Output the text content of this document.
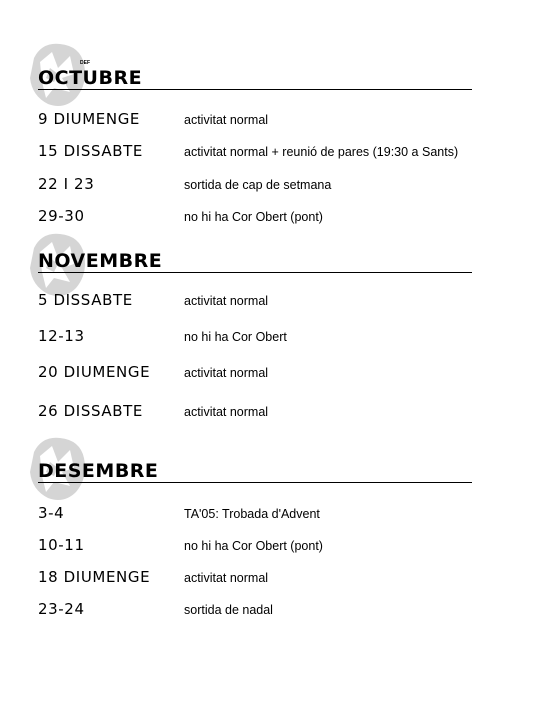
OCTUBRE
DEF
9 DIUMENGE	activitat normal
15 DISSABTE	activitat normal + reunió de pares (19:30 a Sants)
22 I 23	sortida de cap de setmana
29-30	no hi ha Cor Obert (pont)
NOVEMBRE
5 DISSABTE	activitat normal
12-13	no hi ha Cor Obert
20 DIUMENGE	activitat normal
26 DISSABTE	activitat normal
DESEMBRE
3-4	TA'05: Trobada d'Advent
10-11	no hi ha Cor Obert (pont)
18 DIUMENGE	activitat normal
23-24	sortida de nadal
